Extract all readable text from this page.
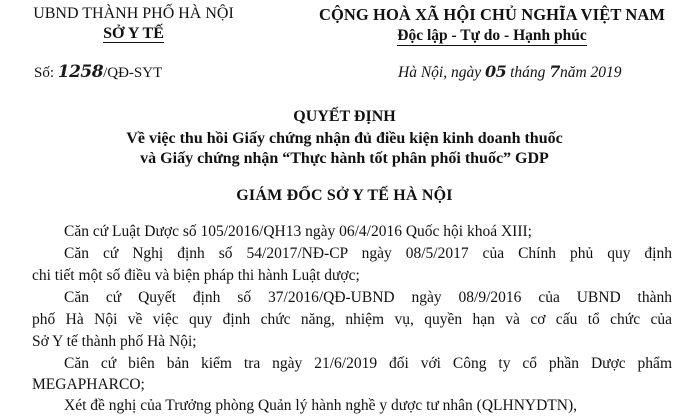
UBND THÀNH PHỐ HÀ NỘI
SỞ Y TẾ
CỘNG HOÀ XÃ HỘI CHỦ NGHĨA VIỆT NAM
Độc lập - Tự do - Hạnh phúc
Số: 1258/QĐ-SYT	Hà Nội, ngày 05 tháng 7năm 2019
QUYẾT ĐỊNH
Về việc thu hồi Giấy chứng nhận đủ điều kiện kinh doanh thuốc
và Giấy chứng nhận “Thực hành tốt phân phối thuốc” GDP
GIÁM ĐỐC SỞ Y TẾ HÀ NỘI
Căn cứ Luật Dược số 105/2016/QH13 ngày 06/4/2016 Quốc hội khoá XIII;
Căn cứ Nghị định số 54/2017/NĐ-CP ngày 08/5/2017 của Chính phủ quy định
chi tiết một số điều và biện pháp thi hành Luật dược;
Căn cứ Quyết định số 37/2016/QĐ-UBND ngày 08/9/2016 của UBND thành
phố Hà Nội về việc quy định chức năng, nhiệm vụ, quyền hạn và cơ cấu tổ chức của
Sở Y tế thành phố Hà Nội;
Căn cứ biên bản kiểm tra ngày 21/6/2019 đối với Công ty cổ phần Dược phẩm
MEGAPHARCO;
Xét đề nghị của Trưởng phòng Quản lý hành nghề y dược tư nhân (QLHNYDTN),
